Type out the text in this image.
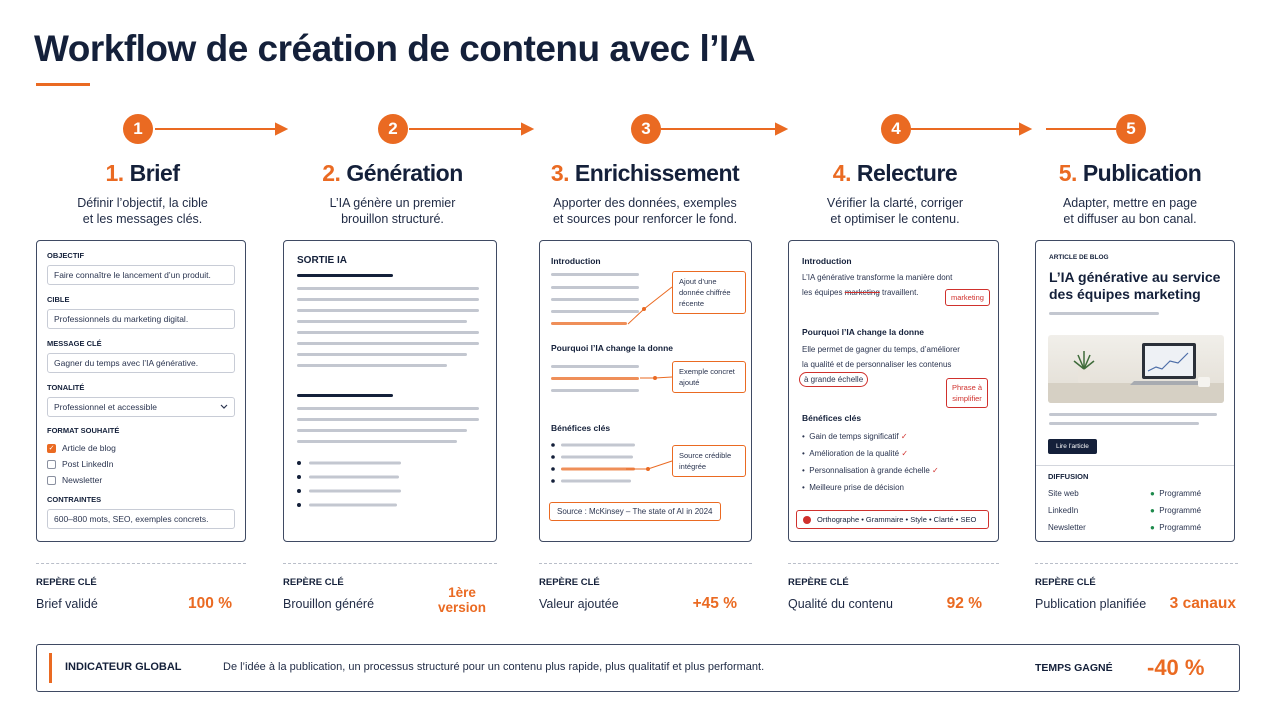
Workflow de création de contenu avec l’IA
1	2	3	4	5
1. Brief	2. Génération	3. Enrichissement	4. Relecture	5. Publication
Définir l’objectif, la cible
et les messages clés.
L’IA génère un premier
brouillon structuré.
Apporter des données, exemples
et sources pour renforcer le fond.
Vérifier la clarté, corriger
et optimiser le contenu.
Adapter, mettre en page
et diffuser au bon canal.
OBJECTIF
Faire connaître le lancement d’un produit.
CIBLE
Professionnels du marketing digital.
MESSAGE CLÉ
Gagner du temps avec l’IA générative.
TONALITÉ
Professionnel et accessible
FORMAT SOUHAITÉ
✓ Article de blog
Post LinkedIn
Newsletter
CONTRAINTES
600–800 mots, SEO, exemples concrets.
SORTIE IA	Introduction
Ajout d’une donnée chiffrée récente
Pourquoi l’IA change la donne
Exemple concret ajouté
Bénéfices clés
Source crédible intégrée
Source : McKinsey – The state of AI in 2024
Introduction
L’IA générative transforme la manière dont
les équipes marketing travaillent.
marketing
Pourquoi l’IA change la donne
Elle permet de gagner du temps, d’améliorer
la qualité et de personnaliser les contenus
à grande échelle
Phrase à simplifier
Bénéfices clés
•  Gain de temps significatif ✓
•  Amélioration de la qualité ✓
•  Personnalisation à grande échelle ✓
•  Meilleure prise de décision
Orthographe • Grammaire • Style • Clarté • SEO
ARTICLE DE BLOG
L’IA générative au service des équipes marketing
Lire l’article
DIFFUSION
Site web	● Programmé
LinkedIn	● Programmé
Newsletter	● Programmé
REPÈRE CLÉ
Brief validé	100 %
REPÈRE CLÉ
Brouillon généré
1ère
version
REPÈRE CLÉ
Valeur ajoutée	+45 %
REPÈRE CLÉ
Qualité du contenu	92 %
REPÈRE CLÉ
Publication planifiée	3 canaux
INDICATEUR GLOBAL	De l’idée à la publication, un processus structuré pour un contenu plus rapide, plus qualitatif et plus performant.	TEMPS GAGNÉ -40 %
